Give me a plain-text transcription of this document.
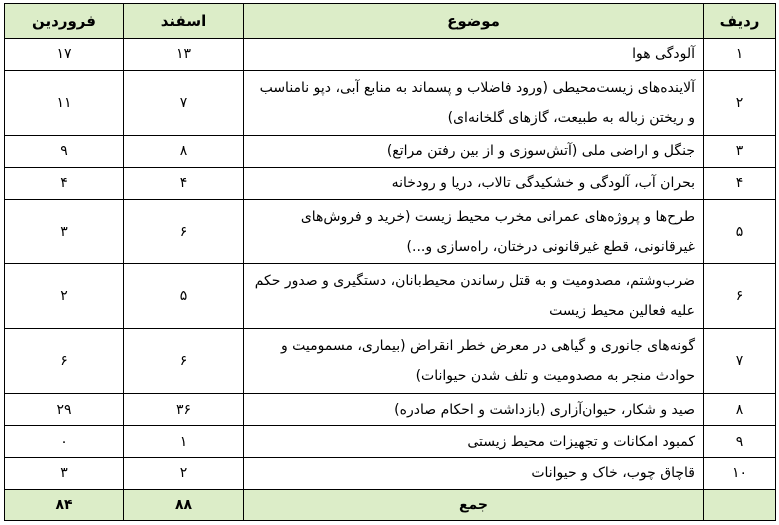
ردیف	موضوع	اسفند	فروردین
۱	آلودگی هوا	۱۳	۱۷
۲	آلاینده‌های زیست‌محیطی (ورود فاضلاب و پسماند به منابع آبی، دپو نامناسب و ریختن زباله به طبیعت، گازهای گلخانه‌ای)	۷	۱۱
۳	جنگل و اراضی ملی (آتش‌سوزی و از بین رفتن مراتع)	۸	۹
۴	بحران آب، آلودگی و خشکیدگی تالاب، دریا و رودخانه	۴	۴
۵	طرح‌ها و پروژه‌های عمرانی مخرب محیط زیست (خرید و فروش‌های غیرقانونی، قطع غیرقانونی درختان، راه‌سازی و...)	۶	۳
۶	ضرب‌وشتم، مصدومیت و به قتل رساندن محیط‌بانان، دستگیری و صدور حکم علیه فعالین محیط زیست	۵	۲
۷	گونه‌های جانوری و گیاهی در معرض خطر انقراض (بیماری، مسمومیت و حوادث منجر به مصدومیت و تلف شدن حیوانات)	۶	۶
۸	صید و شکار، حیوان‌آزاری (بازداشت و احکام صادره)	۳۶	۲۹
۹	کمبود امکانات و تجهیزات محیط زیستی	۱	۰
۱۰	قاچاق چوب، خاک و حیوانات	۲	۳
	جمع	۸۸	۸۴
